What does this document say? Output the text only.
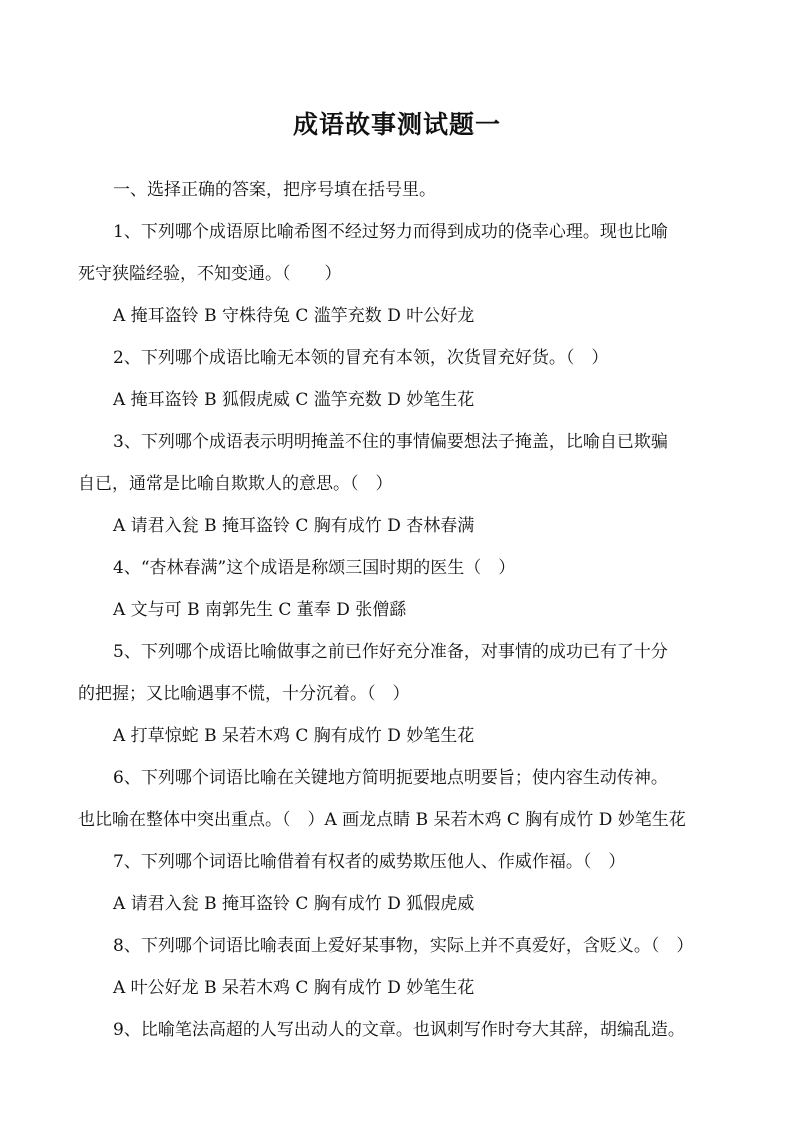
成语故事测试题一
一、选择正确的答案，把序号填在括号里。
1、下列哪个成语原比喻希图不经过努力而得到成功的侥幸心理。现也比喻
死守狭隘经验，不知变通。（　　）
A 掩耳盗铃 B 守株待兔 C 滥竽充数 D 叶公好龙
2、下列哪个成语比喻无本领的冒充有本领，次货冒充好货。（　）
A 掩耳盗铃 B 狐假虎威 C 滥竽充数 D 妙笔生花
3、下列哪个成语表示明明掩盖不住的事情偏要想法子掩盖，比喻自已欺骗
自已，通常是比喻自欺欺人的意思。（　）
A 请君入瓮 B 掩耳盗铃 C 胸有成竹 D 杏林春满
4、“杏林春满”这个成语是称颂三国时期的医生（　）
A 文与可 B 南郭先生 C 董奉 D 张僧繇
5、下列哪个成语比喻做事之前已作好充分准备，对事情的成功已有了十分
的把握；又比喻遇事不慌，十分沉着。（　）
A 打草惊蛇 B 呆若木鸡 C 胸有成竹 D 妙笔生花
6、下列哪个词语比喻在关键地方简明扼要地点明要旨；使内容生动传神。
也比喻在整体中突出重点。（　）A 画龙点睛 B 呆若木鸡 C 胸有成竹 D 妙笔生花
7、下列哪个词语比喻借着有权者的威势欺压他人、作威作福。（　）
A 请君入瓮 B 掩耳盗铃 C 胸有成竹 D 狐假虎威
8、下列哪个词语比喻表面上爱好某事物，实际上并不真爱好，含贬义。（　）
A 叶公好龙 B 呆若木鸡 C 胸有成竹 D 妙笔生花
9、比喻笔法高超的人写出动人的文章。也讽刺写作时夸大其辞，胡编乱造。
